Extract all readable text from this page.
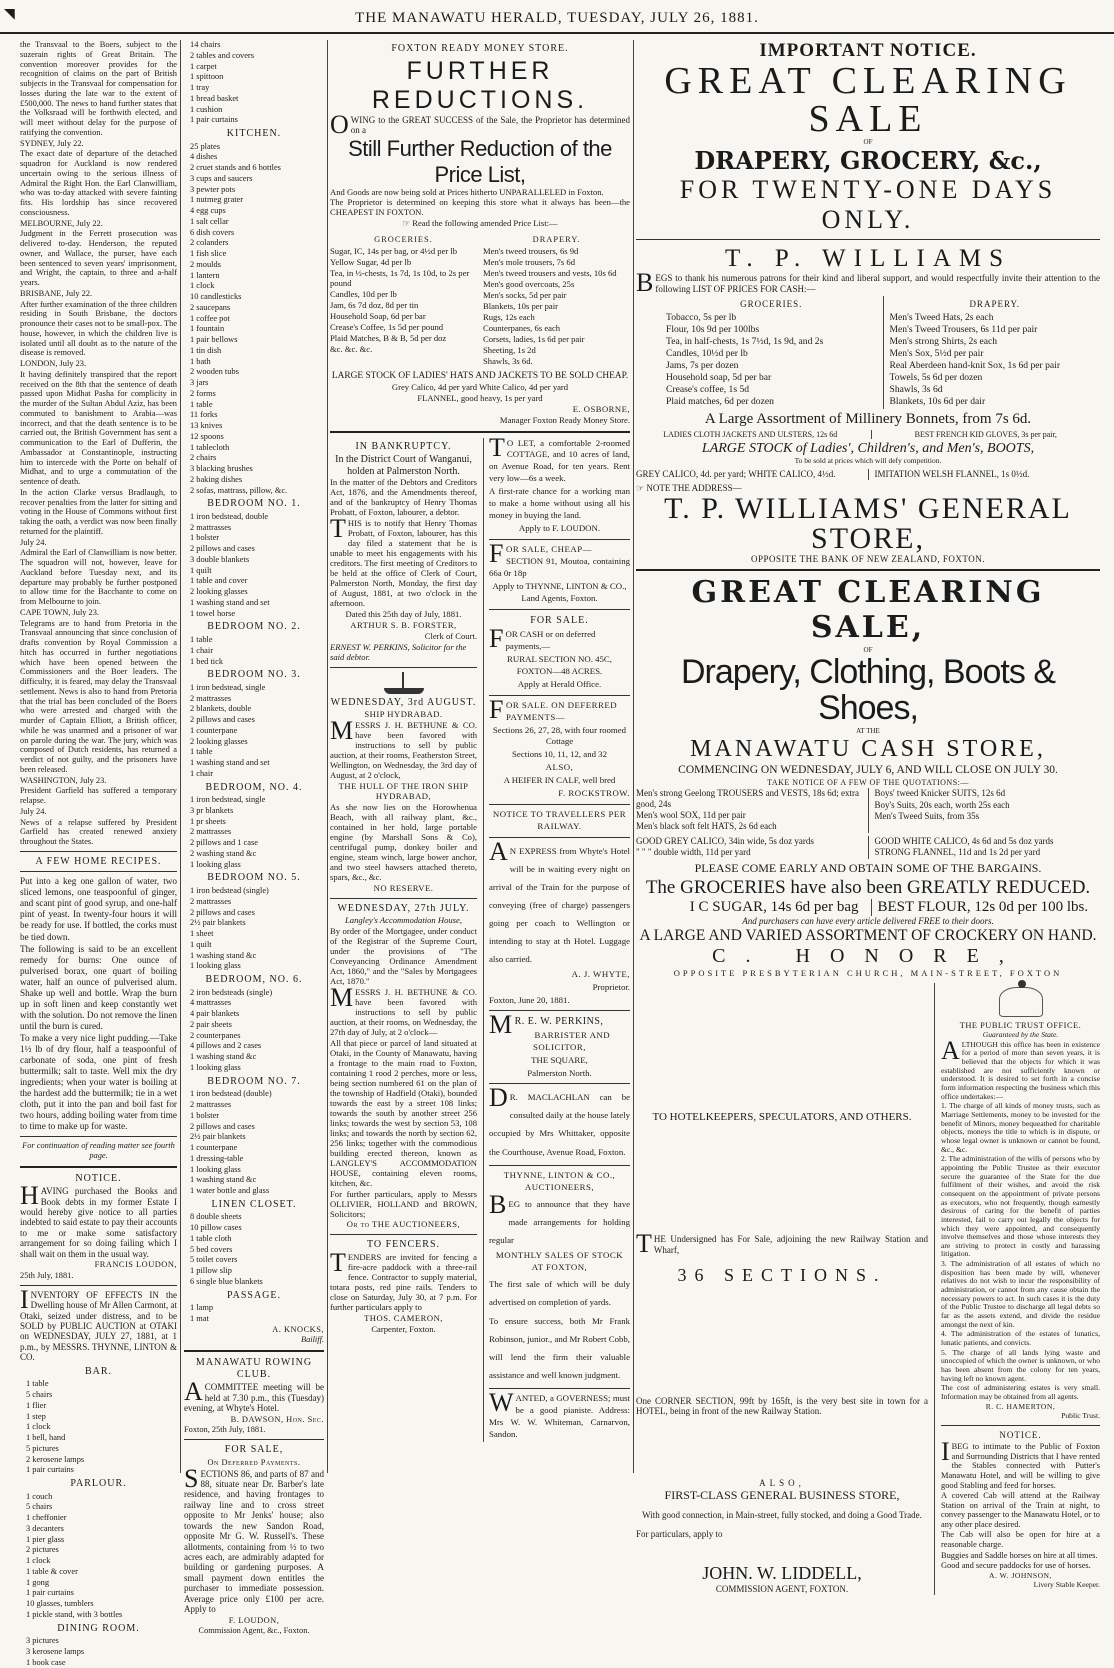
◥	THE MANAWATU HERALD, TUESDAY, JULY 26, 1881.

the Transvaal to the Boers, subject to the suzerain rights of Great Britain. The convention moreover provides for the recognition of claims on the part of British subjects in the Transvaal for compensation for losses during the late war to the extent of £500,000. The news to hand further states that the Volksraad will be forthwith elected, and will meet without delay for the purpose of ratifying the convention.

SYDNEY, July 22.

The exact date of departure of the detached squadron for Auckland is now rendered uncertain owing to the serious illness of Admiral the Right Hon. the Earl Clanwilliam, who was to-day attacked with severe fainting fits. His lordship has since recovered consciousness.

MELBOURNE, July 22.

Judgment in the Ferrett prosecution was delivered to-day. Henderson, the reputed owner, and Wallace, the purser, have each been sentenced to seven years' imprisonment, and Wright, the captain, to three and a-half years.

BRISBANE, July 22.

After further examination of the three children residing in South Brisbane, the doctors pronounce their cases not to be small-pox. The house, however, in which the children live is isolated until all doubt as to the nature of the disease is removed.

LONDON, July 23.

It having definitely transpired that the report received on the 8th that the sentence of death passed upon Midhat Pasha for complicity in the murder of the Sultan Abdul Aziz, has been commuted to banishment to Arabia—was incorrect, and that the death sentence is to be carried out, the British Government has sent a communication to the Earl of Dufferin, the Ambassador at Constantinople, instructing him to intercede with the Porte on behalf of Midhat, and to urge a commutation of the sentence of death.

In the action Clarke versus Bradlaugh, to recover penalties from the latter for sitting and voting in the House of Commons without first taking the oath, a verdict was now been finally returned for the plaintiff.

July 24.

Admiral the Earl of Clanwilliam is now better. The squadron will not, however, leave for Auckland before Tuesday next, and its departure may probably be further postponed to allow time for the Bacchante to come on from Melbourne to join.

CAPE TOWN, July 23.

Telegrams are to hand from Pretoria in the Transvaal announcing that since conclusion of drafts convention by Royal Commission a hitch has occurred in further negotiations which have been opened between the Commissioners and the Boer leaders. The difficulty, it is feared, may delay the Transvaal settlement. News is also to hand from Pretoria that the trial has been concluded of the Boers who were arrested and charged with the murder of Captain Elliott, a British officer, while he was unarmed and a prisoner of war on parole during the war. The jury, which was composed of Dutch residents, has returned a verdict of not guilty, and the prisoners have been released.

WASHINGTON, July 23.

President Garfield has suffered a temporary relapse.

July 24.

News of a relapse suffered by President Garfield has created renewed anxiety throughout the States.

A FEW HOME RECIPES.

Put into a keg one gallon of water, two sliced lemons, one teaspoonful of ginger, and scant pint of good syrup, and one-half pint of yeast. In twenty-four hours it will be ready for use. If bottled, the corks must be tied down.

The following is said to be an excellent remedy for burns: One ounce of pulverised borax, one quart of boiling water, half an ounce of pulverised alum. Shake up well and bottle. Wrap the burn up in soft linen and keep constantly wet with the solution. Do not remove the linen until the burn is cured.

To make a very nice light pudding.—Take 1½ lb of dry flour, half a teaspoonful of carbonate of soda, one pint of fresh buttermilk; salt to taste. Well mix the dry ingredients; when your water is boiling at the hardest add the buttermilk; tie in a wet cloth, put it into the pan and boil fast for two hours, adding boiling water from time to time to make up for waste.

For continuation of reading matter see fourth page.

NOTICE.

HAVING purchased the Books and Book debts in my former Estate I would hereby give notice to all parties indebted to said estate to pay their accounts to me or make some satisfactory arrangement for so doing failing which I shall wait on them in the usual way.

FRANCIS LOUDON,

25th July, 1881.

INVENTORY OF EFFECTS IN the Dwelling house of Mr Allen Carmont, at Otaki, seized under distress, and to be SOLD by PUBLIC AUCTION at OTAKI on WEDNESDAY, JULY 27, 1881, at 1 p.m., by MESSRS. THYNNE, LINTON & CO.

BAR.

1 table

5 chairs

1 flier

1 step

1 clock

1 bell, hand

5 pictures

2 kerosene lamps

1 pair curtains

PARLOUR.

1 couch

5 chairs

1 cheffonier

3 decanters

1 pier glass

2 pictures

1 clock

1 table & cover

1 gong

1 pair curtains

10 glasses, tumblers

1 pickle stand, with 3 bottles

DINING ROOM.

3 pictures

3 kerosene lamps

1 book case

14 chairs

2 tables and covers

1 carpet

1 spittoon

1 tray

1 bread basket

1 cushion

1 pair curtains

KITCHEN.

25 plates

4 dishes

2 cruet stands and 6 bottles

3 cups and saucers

3 pewter pots

1 nutmeg grater

4 egg cups

1 salt cellar

6 dish covers

2 colanders

1 fish slice

2 moulds

1 lantern

1 clock

10 candlesticks

2 saucepans

1 coffee pot

1 fountain

1 pair bellows

1 tin dish

1 bath

2 wooden tubs

3 jars

2 forms

1 table

11 forks

13 knives

12 spoons

1 tablecloth

2 chairs

3 blacking brushes

2 baking dishes

2 sofas, mattrass, pillow, &c.

BEDROOM NO. 1.

1 iron bedstead, double

2 mattrasses

1 bolster

2 pillows and cases

3 double blankets

1 quilt

1 table and cover

2 looking glasses

1 washing stand and set

1 towel horse

BEDROOM NO. 2.

1 table

1 chair

1 bed tick

BEDROOM NO. 3.

1 iron bedstead, single

2 mattrasses

2 blankets, double

2 pillows and cases

1 counterpane

2 looking glasses

1 table

1 washing stand and set

1 chair

BEDROOM, NO. 4.

1 iron bedstead, single

3 pr blankets

1 pr sheets

2 mattrasses

2 pillows and 1 case

2 washing stand &c

1 looking glass

BEDROOM NO. 5.

1 iron bedstead (single)

2 mattrasses

2 pillows and cases

2½ pair blankets

1 sheet

1 quilt

1 washing stand &c

1 looking glass

BEDROOM, NO. 6.

2 iron bedsteads (single)

4 mattrasses

4 pair blankets

2 pair sheets

2 counterpanes

4 pillows and 2 cases

1 washing stand &c

1 looking glass

BEDROOM NO. 7.

1 iron bedstead (double)

2 mattrasses

1 bolster

2 pillows and cases

2½ pair blankets

1 counterpane

1 dressing-table

1 looking glass

1 washing stand &c

1 water bottle and glass

LINEN CLOSET.

8 double sheets

10 pillow cases

1 table cloth

5 bed covers

5 toilet covers

1 pillow slip

6 single blue blankets

PASSAGE.

1 lamp

1 mat

A. KNOCKS,

Bailiff.

MANAWATU ROWING CLUB.

ACOMMITTEE meeting will be held at 7.30 p.m., this (Tuesday) evening, at Whyte's Hotel.

B. DAWSON, Hon. Sec.

Foxton, 25th July, 1881.

FOR SALE,

On Deferred Payments.

SECTIONS 86, and parts of 87 and 88, situate near Dr. Barber's late residence, and having frontages to railway line and to cross street opposite to Mr Jenks' house; also towards the new Sandon Road, opposite Mr G. W. Russell's. These allotments, containing from ½ to two acres each, are admirably adapted for building or gardening purposes. A small payment down entitles the purchaser to immediate possession. Average price only £100 per acre. Apply to

F. LOUDON,

Commission Agent, &c., Foxton.

FOXTON READY MONEY STORE.
FURTHER REDUCTIONS.

OWING to the GREAT SUCCESS of the Sale, the Proprietor has determined on a

Still Further Reduction of the Price List,

And Goods are now being sold at Prices hitherto UNPARALLELED in Foxton.

The Proprietor is determined on keeping this store what it always has been—the CHEAPEST IN FOXTON.

☞ Read the following amended Price List:—

GROCERIES.

Sugar, IC, 14s per bag, or 4½d per lb

Yellow Sugar, 4d per lb

Tea, in ½-chests, 1s 7d, 1s 10d, to 2s per pound

Candles, 10d per lb

Jam, 6s 7d doz, 8d per tin

Household Soap, 6d per bar

Crease's Coffee, 1s 5d per pound

Plaid Matches, B & B, 5d per doz

&c. &c. &c.

DRAPERY.

Men's tweed trousers, 6s 9d

Men's mole trousers, 7s 6d

Men's tweed trousers and vests, 10s 6d

Men's good overcoats, 25s

Men's socks, 5d per pair

Blankets, 10s per pair

Rugs, 12s each

Counterpanes, 6s each

Corsets, ladies, 1s 6d per pair

Sheeting, 1s 2d

Shawls, 3s 6d.

LARGE STOCK OF LADIES' HATS AND JACKETS TO BE SOLD CHEAP.

Grey Calico, 4d per yard White Calico, 4d per yard

FLANNEL, good heavy, 1s per yard

E. OSBORNE,

Manager Foxton Ready Money Store.

IN BANKRUPTCY.

In the District Court of Wanganui, holden at Palmerston North.

In the matter of the Debtors and Creditors Act, 1876, and the Amendments thereof, and of the bankruptcy of Henry Thomas Probatt, of Foxton, labourer, a debtor.

THIS is to notify that Henry Thomas Probatt, of Foxton, labourer, has this day filed a statement that he is unable to meet his engagements with his creditors. The first meeting of Creditors to be held at the office of Clerk of Court, Palmerston North, Monday, the first day of August, 1881, at two o'clock in the afternoon.

Dated this 25th day of July, 1881.

ARTHUR S. B. FORSTER,

Clerk of Court.

ERNEST W. PERKINS, Solicitor for the said debtor.

WEDNESDAY, 3rd AUGUST.

SHIP HYDRABAD.

MESSRS J. H. BETHUNE & CO. have been favored with instructions to sell by public auction, at their rooms, Featherston Street, Wellington, on Wednesday, the 3rd day of August, at 2 o'clock,

THE HULL OF THE IRON SHIP HYDRABAD,

As she now lies on the Horowhenua Beach, with all railway plant, &c., contained in her hold, large portable engine (by Marshall Sons & Co), centrifugal pump, donkey boiler and engine, steam winch, large bower anchor, and two steel hawsers attached thereto, spars, &c., &c.

NO RESERVE.

WEDNESDAY, 27th JULY.

Langley's Accommodation House,

By order of the Mortgagee, under conduct of the Registrar of the Supreme Court, under the provisions of "The Conveyancing Ordinance Amendment Act, 1860," and the "Sales by Mortgagees Act, 1870."

MESSRS J. H. BETHUNE & CO. have been favored with instructions to sell by public auction, at their rooms, on Wednesday, the 27th day of July, at 2 o'clock—

All that piece or parcel of land situated at Otaki, in the County of Manawatu, having a frontage to the main road to Foxton, containing 1 rood 2 perches, more or less, being section numbered 61 on the plan of the township of Hadfield (Otaki), bounded towards the east by a street 108 links; towards the south by another street 256 links; towards the west by section 53, 108 links; and towards the north by section 62, 256 links; together with the commodious building erected thereon, known as LANGLEY'S ACCOMMODATION HOUSE, containing eleven rooms, kitchen, &c.

For further particulars, apply to Messrs OLLIVIER, HOLLAND and BROWN, Solicitors;

Or to THE AUCTIONEERS,

TO FENCERS.

TENDERS are invited for fencing a fire-acre paddock with a three-rail fence. Contractor to supply material, totara posts, red pine rails. Tenders to close on Saturday, July 30, at 7 p.m. For further particulars apply to

THOS. CAMERON,

Carpenter, Foxton.

TO LET, a comfortable 2-roomed COTTAGE, and 10 acres of land, on Avenue Road, for ten years. Rent very low—6s a week.

A first-rate chance for a working man to make a home without using all his money in buying the land.

Apply to F. LOUDON.

FOR SALE, CHEAP—

SECTION 91, Moutoa, containing 66a 0r 18p

Apply to THYNNE, LINTON & CO., Land Agents, Foxton.

FOR SALE.

FOR CASH or on deferred payments,—

RURAL SECTION NO. 45C, FOXTON—48 ACRES.

Apply at Herald Office.

FOR SALE. ON DEFERRED PAYMENTS—

Sections 26, 27, 28, with four roomed Cottage

Sections 10, 11, 12, and 32

ALSO,

A HEIFER IN CALF, well bred

F. ROCKSTROW.

NOTICE TO TRAVELLERS PER RAILWAY.

AN EXPRESS from Whyte's Hotel will be in waiting every night on arrival of the Train for the purpose of conveying (free of charge) passengers going per coach to Wellington or intending to stay at th Hotel. Luggage also carried.

A. J. WHYTE,

Proprietor.

Foxton, June 20, 1881.

MR. E. W. PERKINS,

BARRISTER AND SOLICITOR,

THE SQUARE,

Palmerston North.

DR. MACLACHLAN can be consulted daily at the house lately occupied by Mrs Whittaker, opposite the Courthouse, Avenue Road, Foxton.

THYNNE, LINTON & CO.,

AUCTIONEERS,

BEG to announce that they have made arrangements for holding regular

MONTHLY SALES OF STOCK AT FOXTON,

The first sale of which will be duly advertised on completion of yards.

To ensure success, both Mr Frank Robinson, junior., and Mr Robert Cobb, will lend the firm their valuable assistance and well known judgment.

WANTED, a GOVERNESS; must be a good pianiste. Address: Mrs W. W. Whiteman, Carnarvon, Sandon.

IMPORTANT NOTICE.
GREAT CLEARING SALE

OF

DRAPERY, GROCERY, &c.,
FOR TWENTY-ONE DAYS ONLY.
T. P. WILLIAMS

BEGS to thank his numerous patrons for their kind and liberal support, and would respectfully invite their attention to the following LIST OF PRICES FOR CASH:—

GROCERIES.

Tobacco, 5s per lb

Flour, 10s 9d per 100lbs

Tea, in half-chests, 1s 7½d, 1s 9d, and 2s

Candles, 10½d per lb

Jams, 7s per dozen

Household soap, 5d per bar

Crease's coffee, 1s 5d

Plaid matches, 6d per dozen

DRAPERY.

Men's Tweed Hats, 2s each

Men's Tweed Trousers, 6s 11d per pair

Men's strong Shirts, 2s each

Men's Sox, 5½d per pair

Real Aberdeen hand-knit Sox, 1s 6d per pair

Towels, 5s 6d per dozen

Shawls, 3s 6d

Blankets, 10s 6d per dair

A Large Assortment of Millinery Bonnets, from 7s 6d.
LADIES CLOTH JACKETS AND ULSTERS, 12s 6d	BEST FRENCH KID GLOVES, 3s per pair,
LARGE STOCK of Ladies', Children's, and Men's, BOOTS,

To be sold at prices which will defy competition.

GREY CALICO, 4d. per yard; WHITE CALICO, 4½d.	IMITATION WELSH FLANNEL, 1s 0½d.

☞ NOTE THE ADDRESS—

T. P. WILLIAMS' GENERAL STORE,

OPPOSITE THE BANK OF NEW ZEALAND, FOXTON.

GREAT CLEARING SALE,

OF

Drapery, Clothing, Boots & Shoes,

AT THE

MANAWATU CASH STORE,

COMMENCING ON WEDNESDAY, JULY 6, AND WILL CLOSE ON JULY 30.

TAKE NOTICE OF A FEW OF THE QUOTATIONS:—

Men's strong Geelong TROUSERS and VESTS, 18s 6d; extra good, 24s

Men's wool SOX, 11d per pair

Men's black soft felt HATS, 2s 6d each

Boys' tweed Knicker SUITS, 12s 6d

Boy's Suits, 20s each, worth 25s each

Men's Tweed Suits, from 35s

GOOD GREY CALICO, 34in wide, 5s doz yards

" " " double width, 11d per yard

GOOD WHITE CALICO, 4s 6d and 5s doz yards

STRONG FLANNEL, 11d and 1s 2d per yard

PLEASE COME EARLY AND OBTAIN SOME OF THE BARGAINS.

The GROCERIES have also been GREATLY REDUCED.
I C SUGAR, 14s 6d per bag	BEST FLOUR, 12s 0d per 100 lbs.

And purchasers can have every article delivered FREE to their doors.

A LARGE AND VARIED ASSORTMENT OF CROCKERY ON HAND.
C. HONORE,

OPPOSITE PRESBYTERIAN CHURCH, MAIN-STREET, FOXTON

TO HOTELKEEPERS, SPECULATORS, AND OTHERS.

THE Undersigned has For Sale, adjoining the new Railway Station and Wharf,

36 SECTIONS.

One CORNER SECTION, 99ft by 165ft, is the very best site in town for a HOTEL, being in front of the new Railway Station.

ALSO,

FIRST-CLASS GENERAL BUSINESS STORE,

With good connection, in Main-street, fully stocked, and doing a Good Trade.

For particulars, apply to

JOHN. W. LIDDELL,

COMMISSION AGENT, FOXTON.

THE PUBLIC TRUST OFFICE.

Guaranteed by the State.

ALTHOUGH this office has been in existence for a period of more than seven years, it is believed that the objects for which it was established are not sufficiently known or understood. It is desired to set forth in a concise form information respecting the business which this office undertakes:—

1. The charge of all kinds of money trusts, such as Marriage Settlements, money to be invested for the benefit of Minors, money bequeathed for charitable objects, moneys the title to which is in dispute, or whose legal owner is unknown or cannot be found, &c., &c.

2. The administration of the wills of persons who by appointing the Public Trustee as their executor secure the guarantee of the State for the due fulfilment of their wishes, and avoid the risk consequent on the appointment of private persons as executors, who not frequently, though earnestly desirous of caring for the benefit of parties interested, fail to carry out legally the objects for which they were appointed, and consequently involve themselves and those whose interests they are striving to protect in costly and harassing litigation.

3. The administration of all estates of which no disposition has been made by will, whenever relatives do not wish to incur the responsibility of administration, or cannot from any cause obtain the necessary powers to act. In such cases it is the duty of the Public Trustee to discharge all legal debts so far as the assets extend, and divide the residue amongst the next of kin.

4. The administration of the estates of lunatics, lunatic patients, and convicts.

5. The charge of all lands lying waste and unoccupied of which the owner is unknown, or who has been absent from the colony for ten years, having left no known agent.

The cost of administering estates is very small. Information may be obtained from all agents.

R. C. HAMERTON,

Public Trust.

NOTICE.

IBEG to intimate to the Public of Foxton and Surrounding Districts that I have rented the Stables connected with Putter's Manawatu Hotel, and will be willing to give good Stabling and feed for horses.

A covered Cab will attend at the Railway Station on arrival of the Train at night, to convey passenger to the Manawatu Hotel, or to any other place desired.

The Cab will also be open for hire at a reasonable charge.

Buggies and Saddle horses on hire at all times.

Good and secure paddocks for use of horses.

A. W. JOHNSON,

Livery Stable Keeper.
